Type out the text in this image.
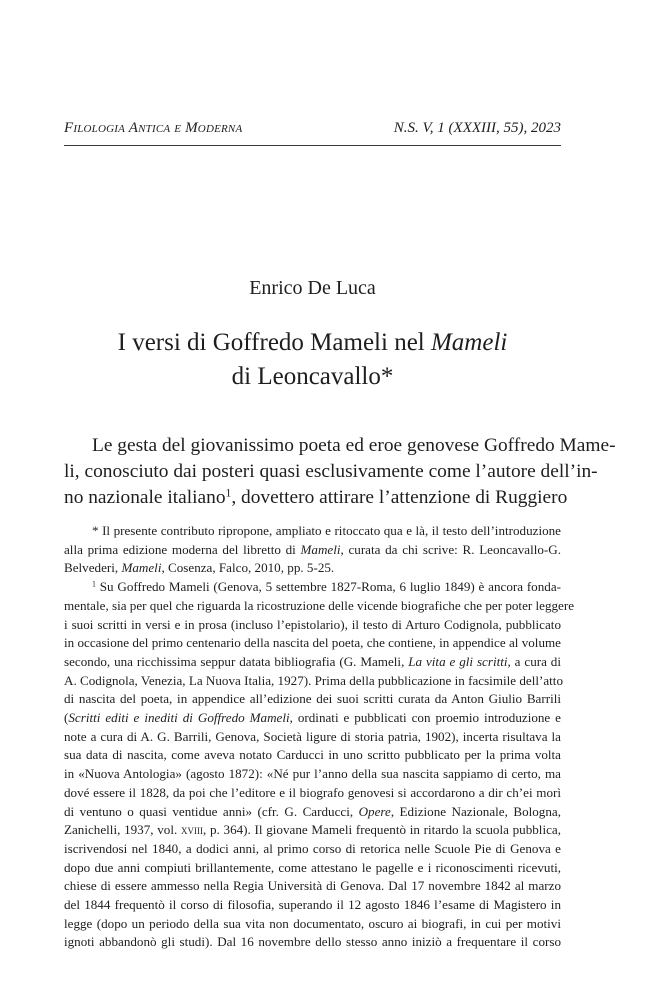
Filologia Antica e Moderna	N.S. V, 1 (XXXIII, 55), 2023
Enrico De Luca
I versi di Goffredo Mameli nel Mameli
di Leoncavallo*
Le gesta del giovanissimo poeta ed eroe genovese Goffredo Mame-
li, conosciuto dai posteri quasi esclusivamente come l’autore dell’in-
no nazionale italiano$^1$, dovettero attirare l’attenzione di Ruggiero
* Il presente contributo ripropone, ampliato e ritoccato qua e là, il testo dell’introduzione
alla prima edizione moderna del libretto di Mameli, curata da chi scrive: R. Leoncavallo-G.
Belvederi, Mameli, Cosenza, Falco, 2010, pp. 5-25.
$^1$ Su Goffredo Mameli (Genova, 5 settembre 1827-Roma, 6 luglio 1849) è ancora fonda-
mentale, sia per quel che riguarda la ricostruzione delle vicende biografiche che per poter leggere
i suoi scritti in versi e in prosa (incluso l’epistolario), il testo di Arturo Codignola, pubblicato
in occasione del primo centenario della nascita del poeta, che contiene, in appendice al volume
secondo, una ricchissima seppur datata bibliografia (G. Mameli, La vita e gli scritti, a cura di
A. Codignola, Venezia, La Nuova Italia, 1927). Prima della pubblicazione in facsimile dell’atto
di nascita del poeta, in appendice all’edizione dei suoi scritti curata da Anton Giulio Barrili
(Scritti editi e inediti di Goffredo Mameli, ordinati e pubblicati con proemio introduzione e
note a cura di A. G. Barrili, Genova, Società ligure di storia patria, 1902), incerta risultava la
sua data di nascita, come aveva notato Carducci in uno scritto pubblicato per la prima volta
in «Nuova Antologia» (agosto 1872): «Né pur l’anno della sua nascita sappiamo di certo, ma
dové essere il 1828, da poi che l’editore e il biografo genovesi si accordarono a dir ch’ei morì
di ventuno o quasi ventidue anni» (cfr. G. Carducci, Opere, Edizione Nazionale, Bologna,
Zanichelli, 1937, vol. xviii, p. 364). Il giovane Mameli frequentò in ritardo la scuola pubblica,
iscrivendosi nel 1840, a dodici anni, al primo corso di retorica nelle Scuole Pie di Genova e
dopo due anni compiuti brillantemente, come attestano le pagelle e i riconoscimenti ricevuti,
chiese di essere ammesso nella Regia Università di Genova. Dal 17 novembre 1842 al marzo
del 1844 frequentò il corso di filosofia, superando il 12 agosto 1846 l’esame di Magistero in
legge (dopo un periodo della sua vita non documentato, oscuro ai biografi, in cui per motivi
ignoti abbandonò gli studi). Dal 16 novembre dello stesso anno iniziò a frequentare il corso
